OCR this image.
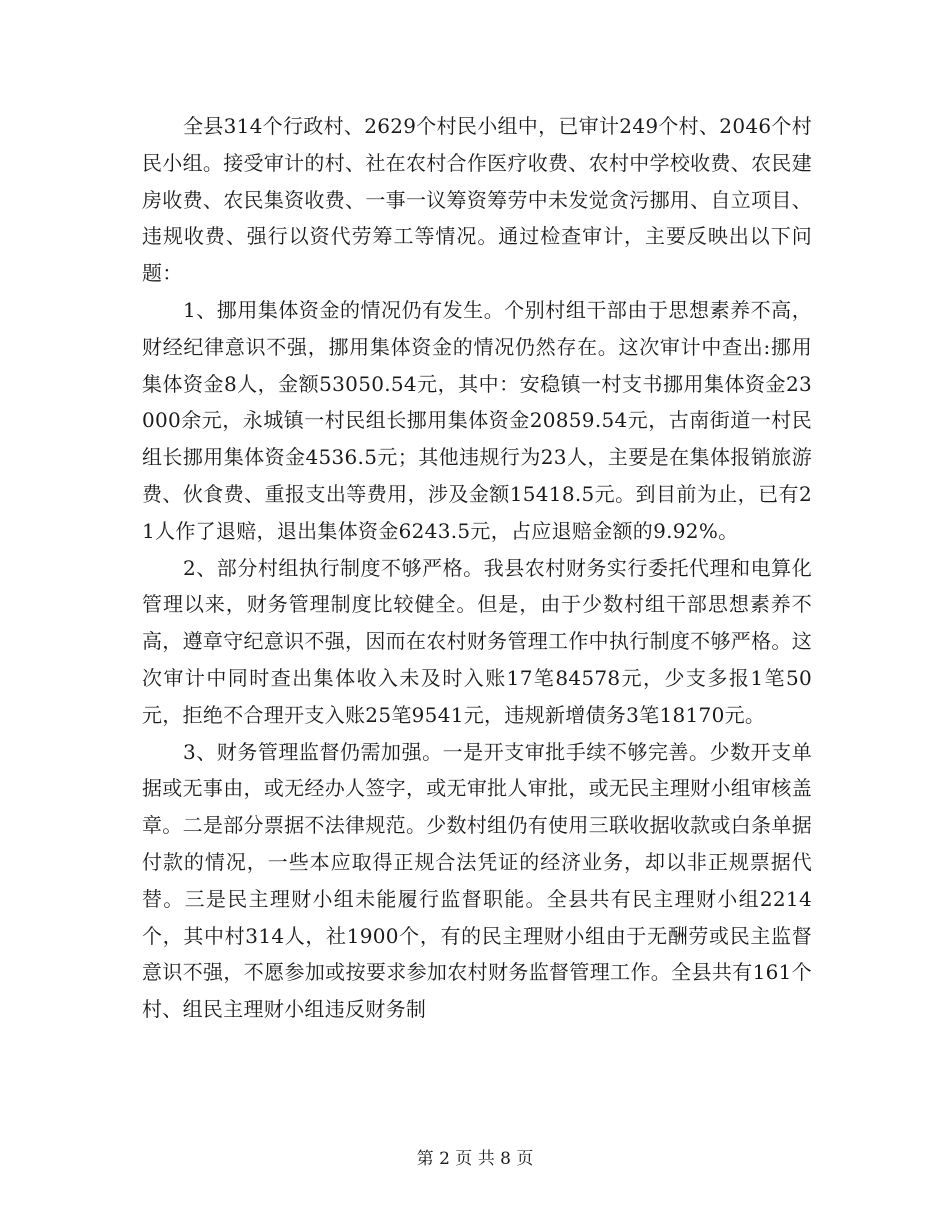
全县314个行政村、2629个村民小组中，已审计249个村、2046个村民小组。接受审计的村、社在农村合作医疗收费、农村中学校收费、农民建房收费、农民集资收费、一事一议筹资筹劳中未发觉贪污挪用、自立项目、违规收费、强行以资代劳筹工等情况。通过检查审计，主要反映出以下问题：

1、挪用集体资金的情况仍有发生。个别村组干部由于思想素养不高，财经纪律意识不强，挪用集体资金的情况仍然存在。这次审计中查出:挪用集体资金8人，金额53050.54元，其中：安稳镇一村支书挪用集体资金23000余元，永城镇一村民组长挪用集体资金20859.54元，古南街道一村民组长挪用集体资金4536.5元；其他违规行为23人，主要是在集体报销旅游费、伙食费、重报支出等费用，涉及金额15418.5元。到目前为止，已有21人作了退赔，退出集体资金6243.5元，占应退赔金额的9.92%。

2、部分村组执行制度不够严格。我县农村财务实行委托代理和电算化管理以来，财务管理制度比较健全。但是，由于少数村组干部思想素养不高，遵章守纪意识不强，因而在农村财务管理工作中执行制度不够严格。这次审计中同时查出集体收入未及时入账17笔84578元，少支多报1笔50元，拒绝不合理开支入账25笔9541元，违规新增债务3笔18170元。

3、财务管理监督仍需加强。一是开支审批手续不够完善。少数开支单据或无事由，或无经办人签字，或无审批人审批，或无民主理财小组审核盖章。二是部分票据不法律规范。少数村组仍有使用三联收据收款或白条单据付款的情况，一些本应取得正规合法凭证的经济业务，却以非正规票据代替。三是民主理财小组未能履行监督职能。全县共有民主理财小组2214个，其中村314人，社1900个，有的民主理财小组由于无酬劳或民主监督意识不强，不愿参加或按要求参加农村财务监督管理工作。全县共有161个村、组民主理财小组违反财务制

第 2 页 共 8 页
